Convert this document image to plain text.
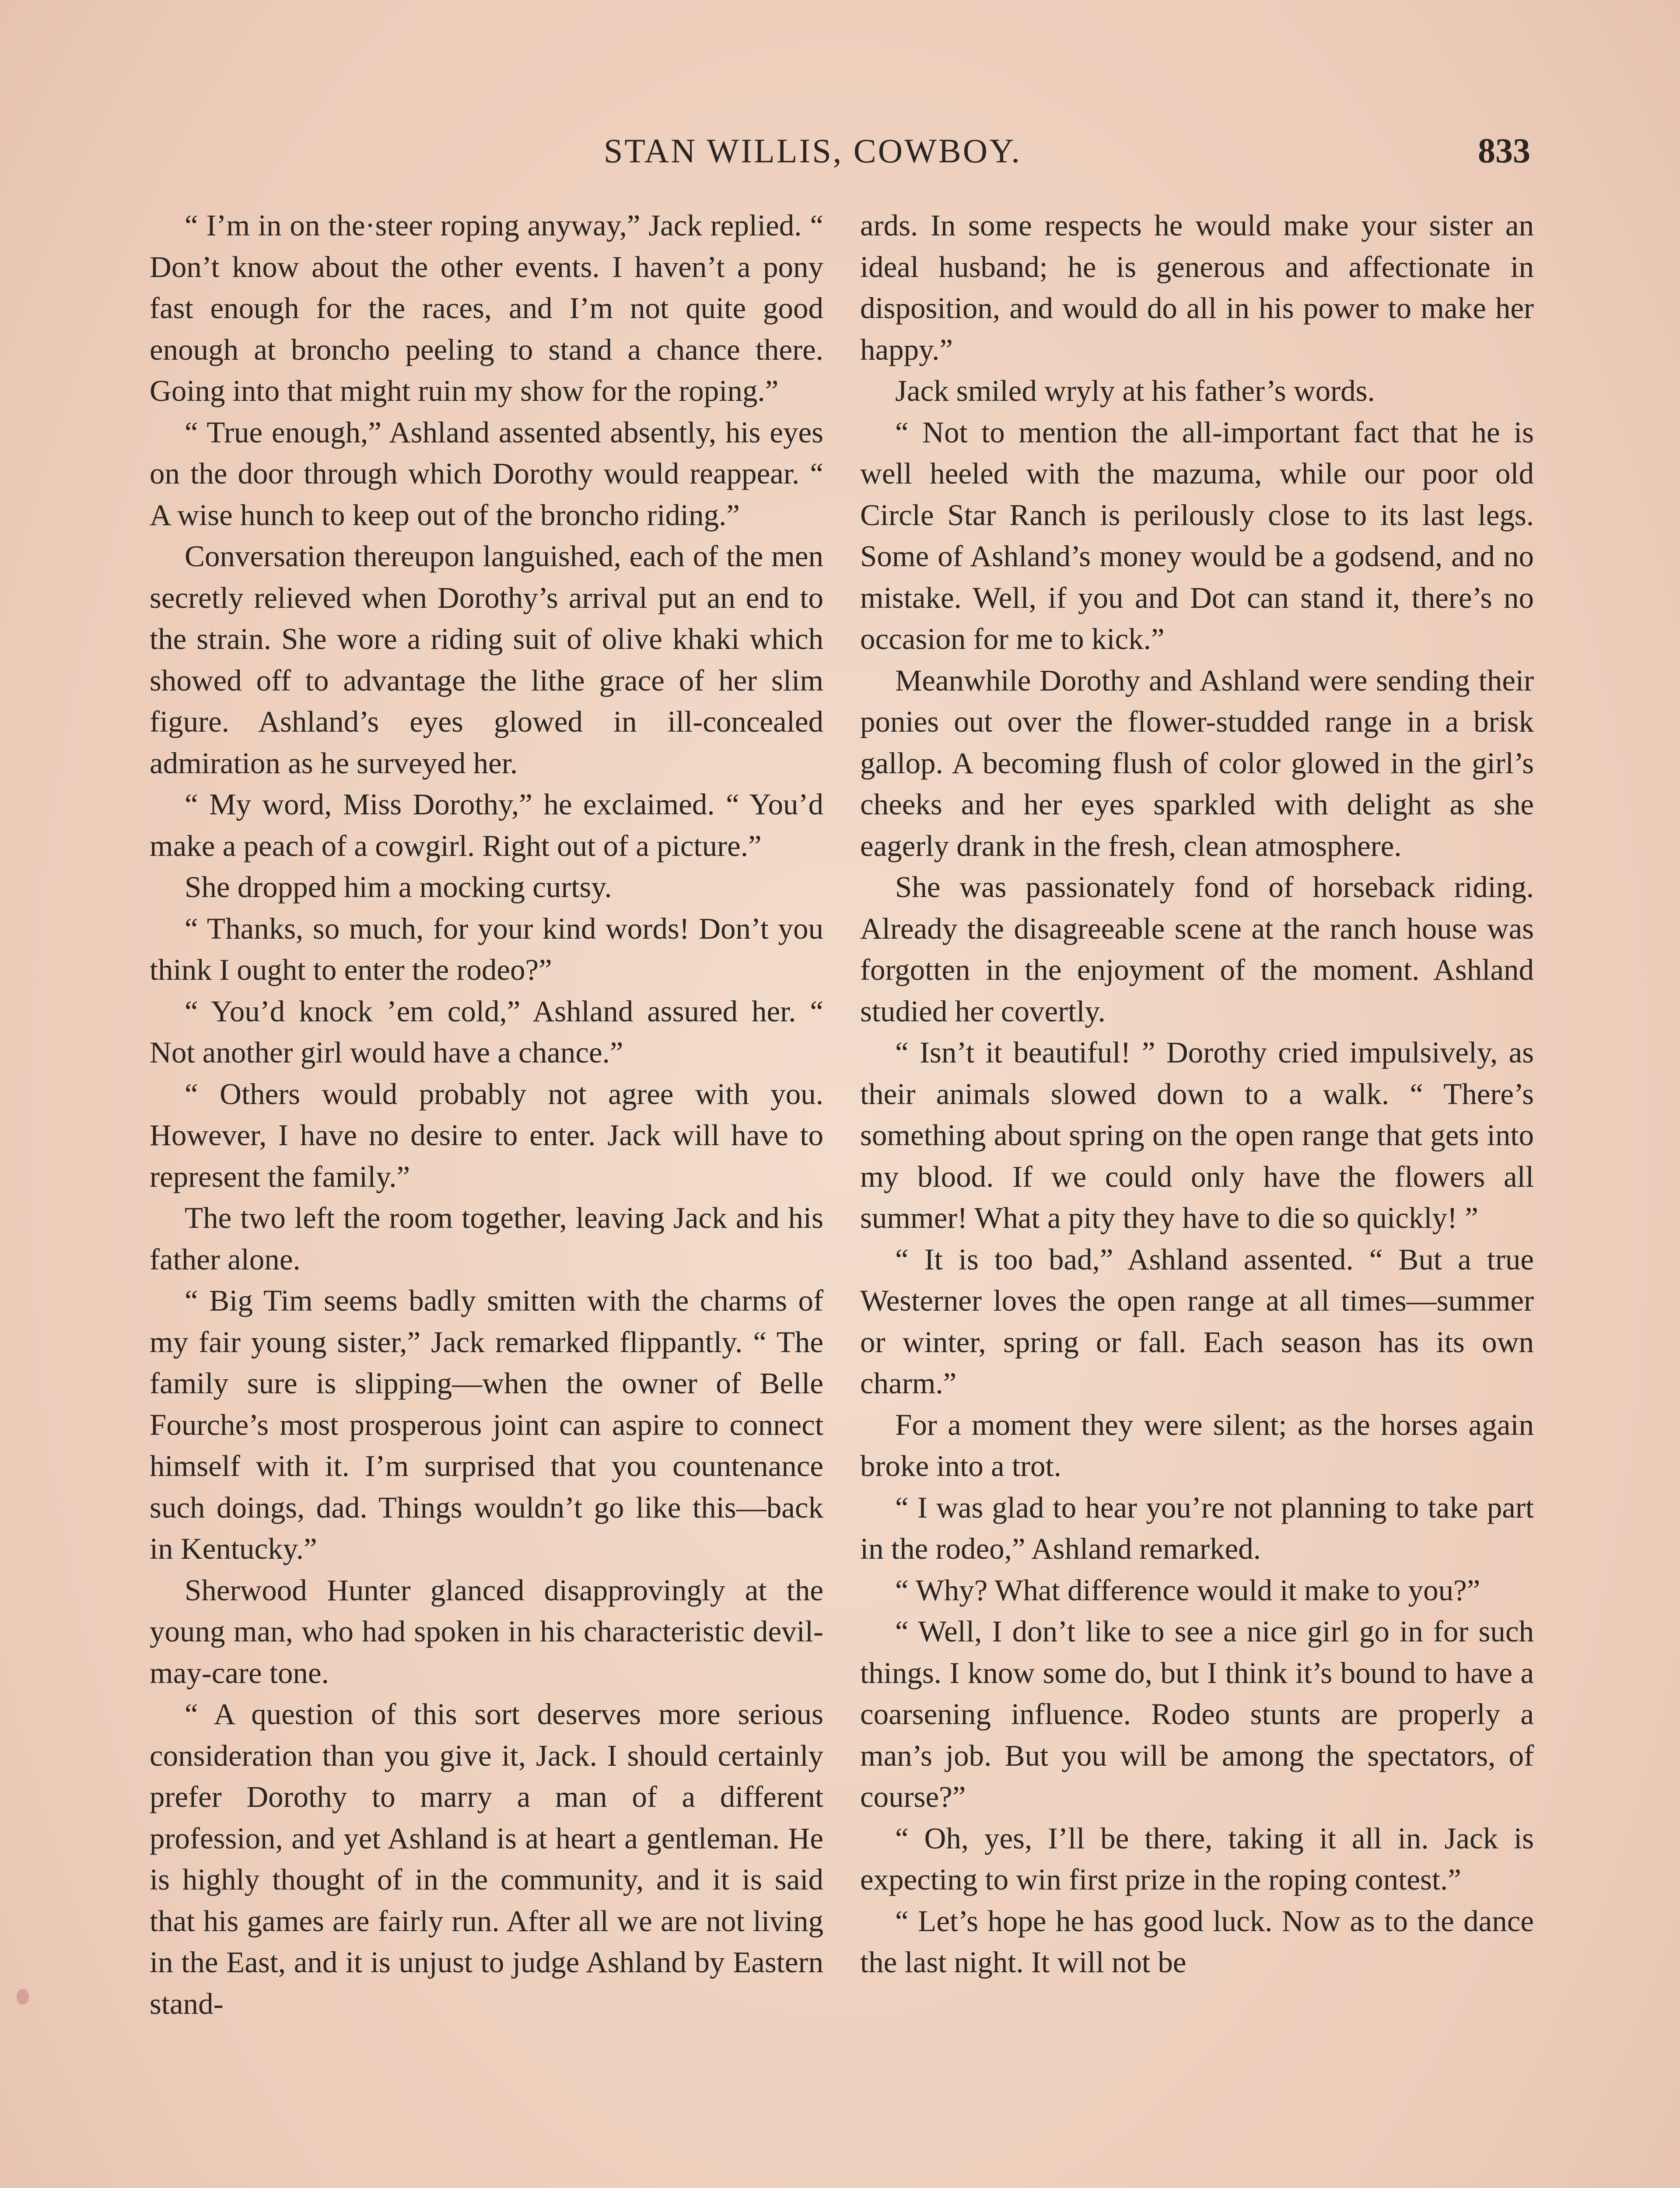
STAN WILLIS, COWBOY.	833

“ I’m in on the·steer roping anyway,” Jack replied. “ Don’t know about the other events. I haven’t a pony fast enough for the races, and I’m not quite good enough at broncho peeling to stand a chance there. Going into that might ruin my show for the roping.”

“ True enough,” Ashland assented absently, his eyes on the door through which Dorothy would reappear. “ A wise hunch to keep out of the broncho riding.”

Conversation thereupon languished, each of the men secretly relieved when Dorothy’s arrival put an end to the strain. She wore a riding suit of olive khaki which showed off to advantage the lithe grace of her slim figure. Ashland’s eyes glowed in ill-concealed admiration as he surveyed her.

“ My word, Miss Dorothy,” he exclaimed. “ You’d make a peach of a cowgirl. Right out of a picture.”

She dropped him a mocking curtsy.

“ Thanks, so much, for your kind words! Don’t you think I ought to enter the rodeo?”

“ You’d knock ’em cold,” Ashland assured her. “ Not another girl would have a chance.”

“ Others would probably not agree with you. However, I have no desire to enter. Jack will have to represent the family.”

The two left the room together, leaving Jack and his father alone.

“ Big Tim seems badly smitten with the charms of my fair young sister,” Jack remarked flippantly. “ The family sure is slipping—when the owner of Belle Fourche’s most prosperous joint can aspire to connect himself with it. I’m surprised that you countenance such doings, dad. Things wouldn’t go like this—back in Kentucky.”

Sherwood Hunter glanced disapprovingly at the young man, who had spoken in his characteristic devil-may-care tone.

“ A question of this sort deserves more serious consideration than you give it, Jack. I should certainly prefer Dorothy to marry a man of a different profession, and yet Ashland is at heart a gentleman. He is highly thought of in the community, and it is said that his games are fairly run. After all we are not living in the East, and it is unjust to judge Ashland by Eastern stand-

ards. In some respects he would make your sister an ideal husband; he is generous and affectionate in disposition, and would do all in his power to make her happy.”

Jack smiled wryly at his father’s words.

“ Not to mention the all-important fact that he is well heeled with the mazuma, while our poor old Circle Star Ranch is perilously close to its last legs. Some of Ashland’s money would be a godsend, and no mistake. Well, if you and Dot can stand it, there’s no occasion for me to kick.”

Meanwhile Dorothy and Ashland were sending their ponies out over the flower-studded range in a brisk gallop. A becoming flush of color glowed in the girl’s cheeks and her eyes sparkled with delight as she eagerly drank in the fresh, clean atmosphere.

She was passionately fond of horseback riding. Already the disagreeable scene at the ranch house was forgotten in the enjoyment of the moment. Ashland studied her covertly.

“ Isn’t it beautiful! ” Dorothy cried impulsively, as their animals slowed down to a walk. “ There’s something about spring on the open range that gets into my blood. If we could only have the flowers all summer! What a pity they have to die so quickly! ”

“ It is too bad,” Ashland assented. “ But a true Westerner loves the open range at all times—summer or winter, spring or fall. Each season has its own charm.”

For a moment they were silent; as the horses again broke into a trot.

“ I was glad to hear you’re not planning to take part in the rodeo,” Ashland remarked.

“ Why? What difference would it make to you?”

“ Well, I don’t like to see a nice girl go in for such things. I know some do, but I think it’s bound to have a coarsening influence. Rodeo stunts are properly a man’s job. But you will be among the spectators, of course?”

“ Oh, yes, I’ll be there, taking it all in. Jack is expecting to win first prize in the roping contest.”

“ Let’s hope he has good luck. Now as to the dance the last night. It will not be
